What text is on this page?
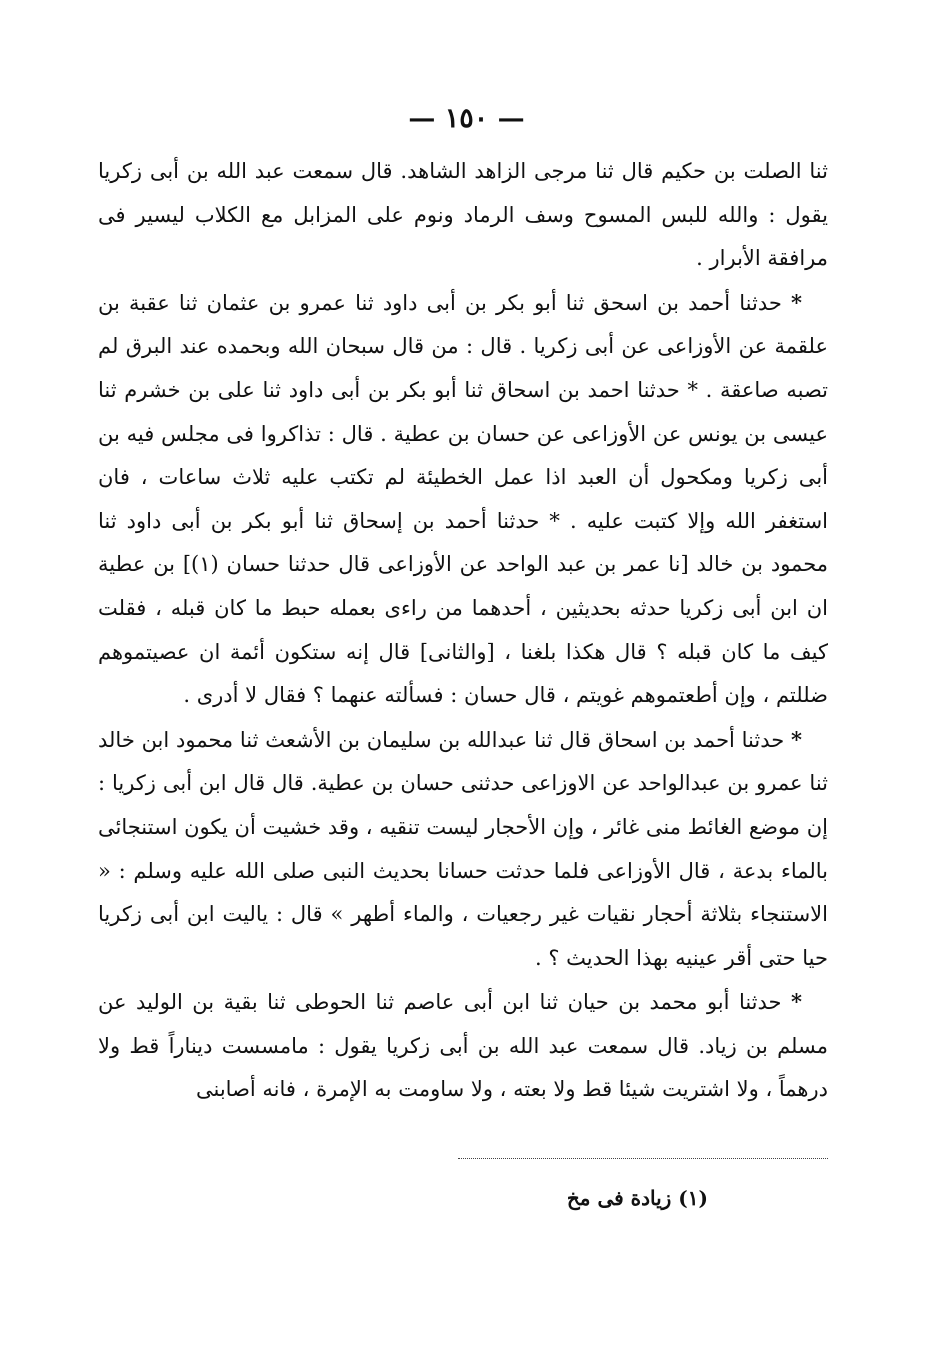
— ١٥٠ —

ثنا الصلت بن حكيم قال ثنا مرجى الزاهد الشاهد. قال سمعت عبد الله بن أبى زكريا يقول : والله للبس المسوح وسف الرماد ونوم على المزابل مع الكلاب ليسير فى مرافقة الأبرار .

* حدثنا أحمد بن اسحق ثنا أبو بكر بن أبى داود ثنا عمرو بن عثمان ثنا عقبة بن علقمة عن الأوزاعى عن أبى زكريا . قال : من قال سبحان الله وبحمده عند البرق لم تصبه صاعقة . * حدثنا احمد بن اسحاق ثنا أبو بكر بن أبى داود ثنا على بن خشرم ثنا عيسى بن يونس عن الأوزاعى عن حسان بن عطية . قال : تذاكروا فى مجلس فيه بن أبى زكريا ومكحول أن العبد اذا عمل الخطيئة لم تكتب عليه ثلاث ساعات ، فان استغفر الله وإلا كتبت عليه . * حدثنا أحمد بن إسحاق ثنا أبو بكر بن أبى داود ثنا محمود بن خالد [نا عمر بن عبد الواحد عن الأوزاعى قال حدثنا حسان (١)] بن عطية ان ابن أبى زكريا حدثه بحديثين ، أحدهما من راءى بعمله حبط ما كان قبله ، فقلت كيف ما كان قبله ؟ قال هكذا بلغنا ، [والثانى] قال إنه ستكون أئمة ان عصيتموهم ضللتم ، وإن أطعتموهم غويتم ، قال حسان : فسألته عنهما ؟ فقال لا أدرى .

* حدثنا أحمد بن اسحاق قال ثنا عبدالله بن سليمان بن الأشعث ثنا محمود ابن خالد ثنا عمرو بن عبدالواحد عن الاوزاعى حدثنى حسان بن عطية. قال قال ابن أبى زكريا : إن موضع الغائط منى غائر ، وإن الأحجار ليست تنقيه ، وقد خشيت أن يكون استنجائى بالماء بدعة ، قال الأوزاعى فلما حدثت حسانا بحديث النبى صلى الله عليه وسلم : « الاستنجاء بثلاثة أحجار نقيات غير رجعيات ، والماء أطهر » قال : ياليت ابن أبى زكريا حيا حتى أقر عينيه بهذا الحديث ؟ .

* حدثنا أبو محمد بن حيان ثنا ابن أبى عاصم ثنا الحوطى ثنا بقية بن الوليد عن مسلم بن زياد. قال سمعت عبد الله بن أبى زكريا يقول : مامسست ديناراً قط ولا درهماً ، ولا اشتريت شيئا قط ولا بعته ، ولا ساومت به الإمرة ، فانه أصابنى

(١) زيادة فى مخ
